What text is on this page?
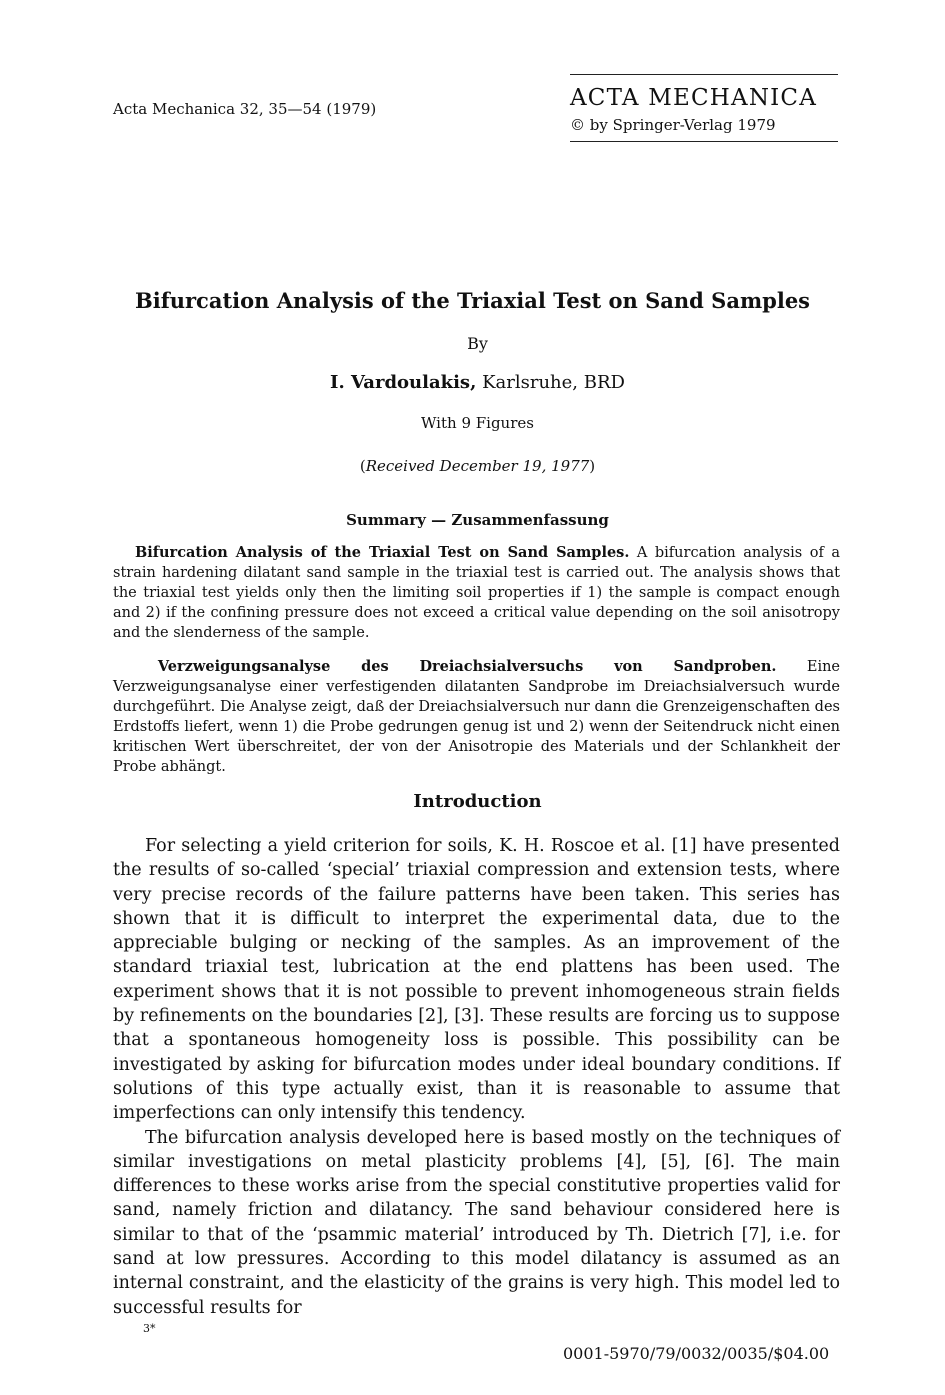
Acta Mechanica 32, 35—54 (1979)	ACTA MECHANICA
© by Springer-Verlag 1979
Bifurcation Analysis of the Triaxial Test on Sand Samples
By
I. Vardoulakis, Karlsruhe, BRD
With 9 Figures
(Received December 19, 1977)
Summary — Zusammenfassung
  Bifurcation Analysis of the Triaxial Test on Sand Samples. A bifurcation analysis of a strain hardening dilatant sand sample in the triaxial test is carried out. The analysis shows that the triaxial test yields only then the limiting soil properties if 1) the sample is compact enough and 2) if the confining pressure does not exceed a critical value depending on the soil anisotropy and the slenderness of the sample.
  Verzweigungsanalyse des Dreiachsialversuchs von Sandproben. Eine Verzweigungsanalyse einer verfestigenden dilatanten Sandprobe im Dreiachsialversuch wurde durchgeführt. Die Analyse zeigt, daß der Dreiachsialversuch nur dann die Grenzeigenschaften des Erdstoffs liefert, wenn 1) die Probe gedrungen genug ist und 2) wenn der Seitendruck nicht einen kritischen Wert überschreitet, der von der Anisotropie des Materials und der Schlankheit der Probe abhängt.
Introduction

For selecting a yield criterion for soils, K. H. Roscoe et al. [1] have presented the results of so-called ‘special’ triaxial compression and extension tests, where very precise records of the failure patterns have been taken. This series has shown that it is difficult to interpret the experimental data, due to the appreciable bulging or necking of the samples. As an improvement of the standard triaxial test, lubrication at the end plattens has been used. The experiment shows that it is not possible to prevent inhomogeneous strain fields by refinements on the boundaries [2], [3]. These results are forcing us to suppose that a spontaneous homogeneity loss is possible. This possibility can be investigated by asking for bifurcation modes under ideal boundary conditions. If solutions of this type actually exist, than it is reasonable to assume that imperfections can only intensify this tendency.

The bifurcation analysis developed here is based mostly on the techniques of similar investigations on metal plasticity problems [4], [5], [6]. The main differences to these works arise from the special constitutive properties valid for sand, namely friction and dilatancy. The sand behaviour considered here is similar to that of the ‘psammic material’ introduced by Th. Dietrich [7], i.e. for sand at low pressures. According to this model dilatancy is assumed as an internal constraint, and the elasticity of the grains is very high. This model led to successful results for

3*
0001-5970/79/0032/0035/$04.00
